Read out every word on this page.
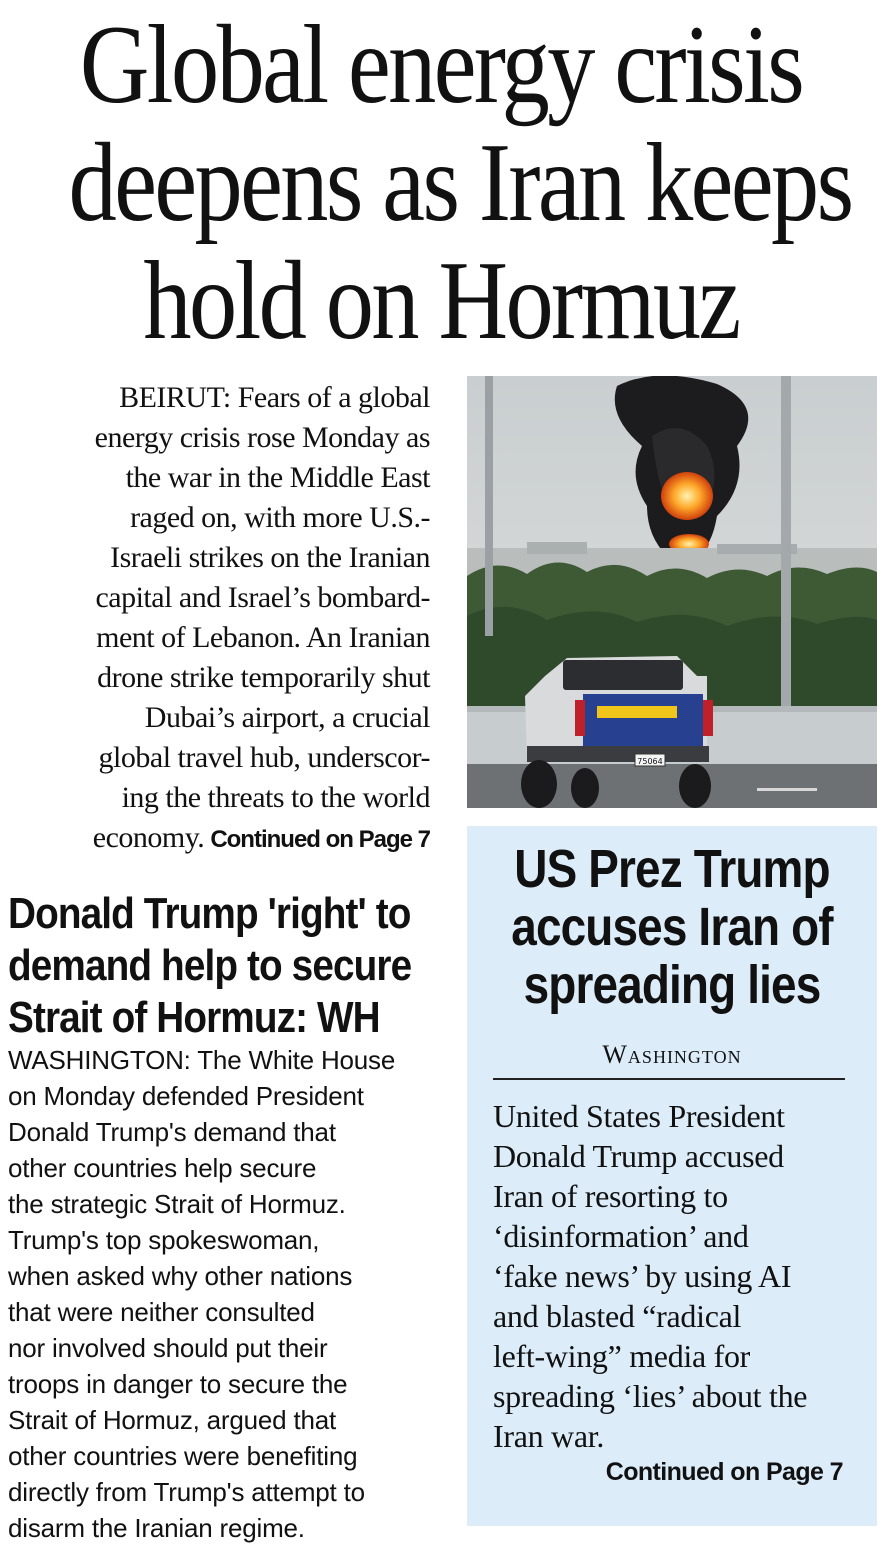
Global energy crisis
deepens as Iran keeps
hold on Hormuz
BEIRUT: Fears of a global
energy crisis rose Monday as
the war in the Middle East
raged on, with more U.S.-
Israeli strikes on the Iranian
capital and Israel’s bombard-
ment of Lebanon. An Iranian
drone strike temporarily shut
Dubai’s airport, a crucial
global travel hub, underscor-
ing the threats to the world
economy. Continued on Page 7
75064
Donald Trump 'right' to
demand help to secure
Strait of Hormuz: WH
WASHINGTON: The White House
on Monday defended President
Donald Trump's demand that
other countries help secure
the strategic Strait of Hormuz.
Trump's top spokeswoman,
when asked why other nations
that were neither consulted
nor involved should put their
troops in danger to secure the
Strait of Hormuz, argued that
other countries were benefiting
directly from Trump's attempt to
disarm the Iranian regime.
US Prez Trump
accuses Iran of
spreading lies
Washington
United States President
Donald Trump accused
Iran of resorting to
‘disinformation’ and
‘fake news’ by using AI
and blasted “radical
left-wing” media for
spreading ‘lies’ about the
Iran war.
Continued on Page 7
